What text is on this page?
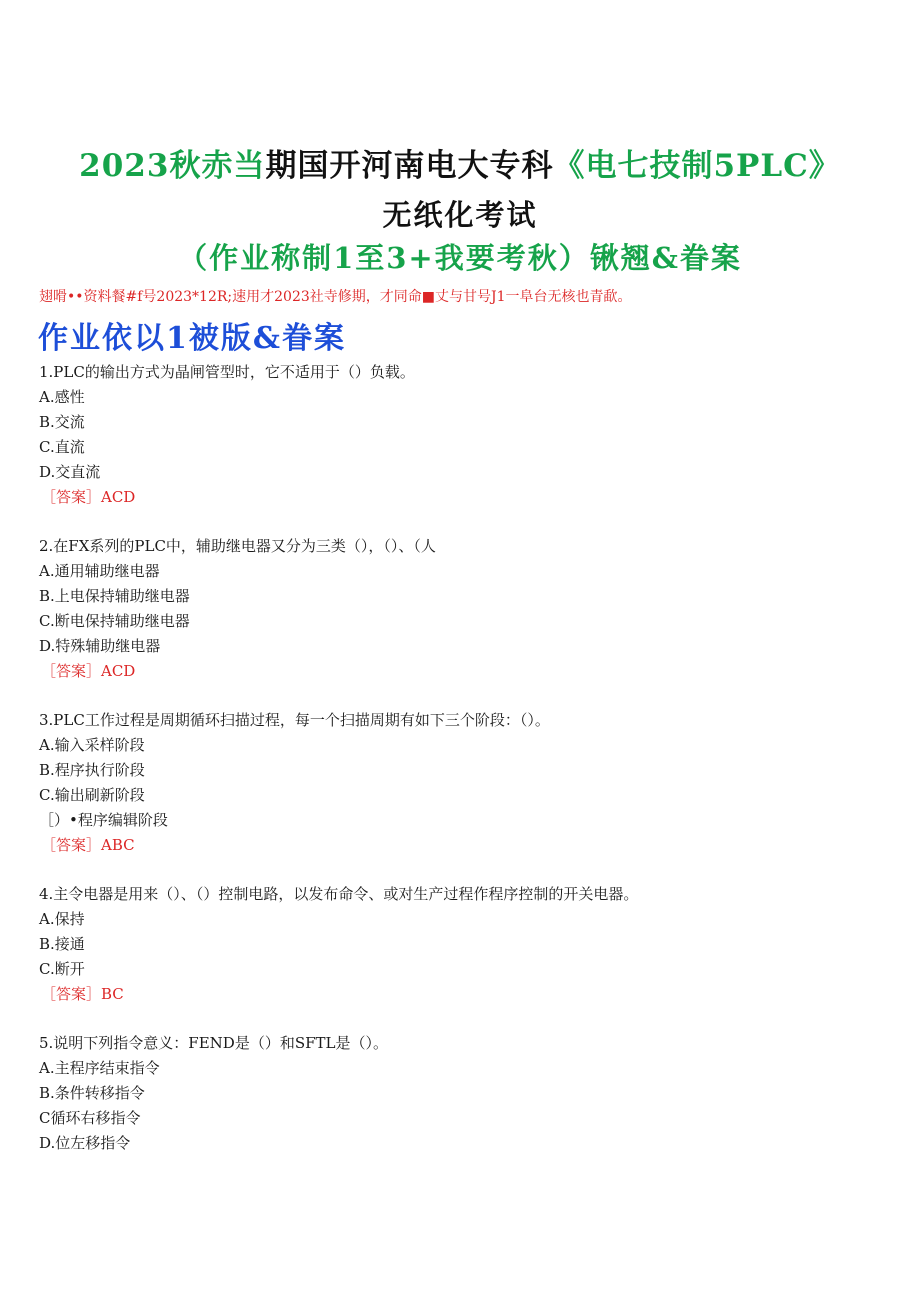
2023秋赤当期国开河南电大专科《电七技制5PLC》
无纸化考试
（作业称制1至3+我要考秋）锹翘&眷案
翅嗗••资料餐#f号2023*12R;速用才2023社寺修期，才同命■丈与甘号J1一阜台无核也青歃。
作业依以1被版&眷案
1.PLC的输出方式为晶闸管型时，它不适用于（）负载。
A.感性
B.交流
C.直流
D.交直流
［答案］ACD
2.在FX系列的PLC中，辅助继电器又分为三类（），（）、（人
A.通用辅助继电器
B.上电保持辅助继电器
C.断电保持辅助继电器
D.特殊辅助继电器
［答案］ACD
3.PLC工作过程是周期循环扫描过程，每一个扫描周期有如下三个阶段：（）。
A.输入采样阶段
B.程序执行阶段
C.输出刷新阶段
［）•程序编辑阶段
［答案］ABC
4.主令电器是用来（）、（）控制电路，以发布命令、或对生产过程作程序控制的开关电器。
A.保持
B.接通
C.断开
［答案］BC
5.说明下列指令意义：FEND是（）和SFTL是（）。
A.主程序结束指令
B.条件转移指令
C循环右移指令
D.位左移指令
